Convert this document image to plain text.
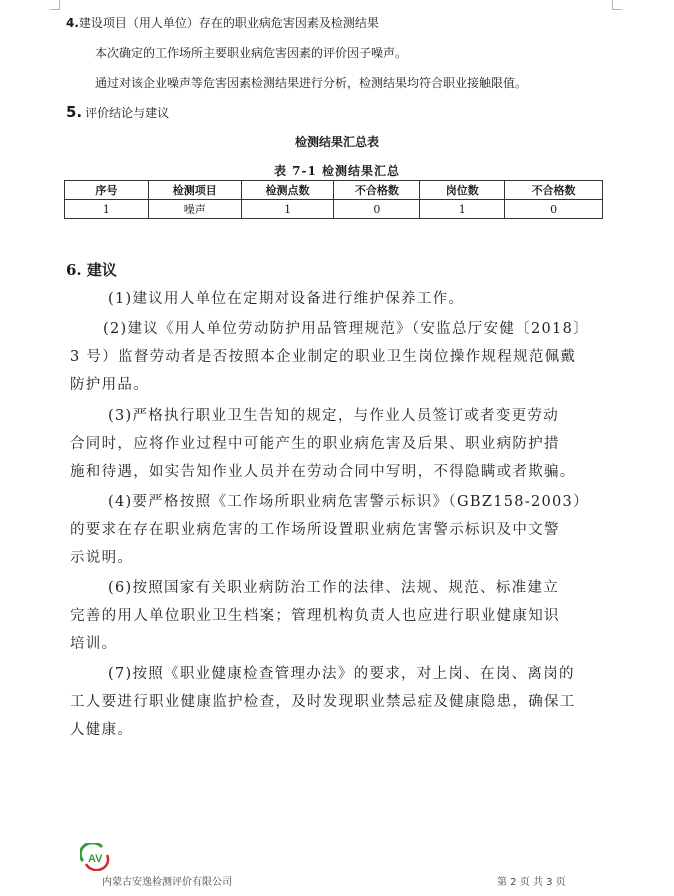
4.建设项目（用人单位）存在的职业病危害因素及检测结果
本次确定的工作场所主要职业病危害因素的评价因子噪声。
通过对该企业噪声等危害因素检测结果进行分析，检测结果均符合职业接触限值。
5. 评价结论与建议
检测结果汇总表
表 7-1 检测结果汇总
序号	检测项目	检测点数	不合格数	岗位数	不合格数
1	噪声	1	0	1	0
6. 建议
(1)建议用人单位在定期对设备进行维护保养工作。
(2)建议《用人单位劳动防护用品管理规范》（安监总厅安健〔2018〕
3 号）监督劳动者是否按照本企业制定的职业卫生岗位操作规程规范佩戴
防护用品。
(3)严格执行职业卫生告知的规定，与作业人员签订或者变更劳动
合同时，应将作业过程中可能产生的职业病危害及后果、职业病防护措
施和待遇，如实告知作业人员并在劳动合同中写明，不得隐瞒或者欺骗。
(4)要严格按照《工作场所职业病危害警示标识》（GBZ158-2003）
的要求在存在职业病危害的工作场所设置职业病危害警示标识及中文警
示说明。
(6)按照国家有关职业病防治工作的法律、法规、规范、标准建立
完善的用人单位职业卫生档案；管理机构负责人也应进行职业健康知识
培训。
(7)按照《职业健康检查管理办法》的要求，对上岗、在岗、离岗的
工人要进行职业健康监护检查，及时发现职业禁忌症及健康隐患，确保工
人健康。
AV
内蒙古安逸检测评价有限公司	第 2 页 共 3 页
